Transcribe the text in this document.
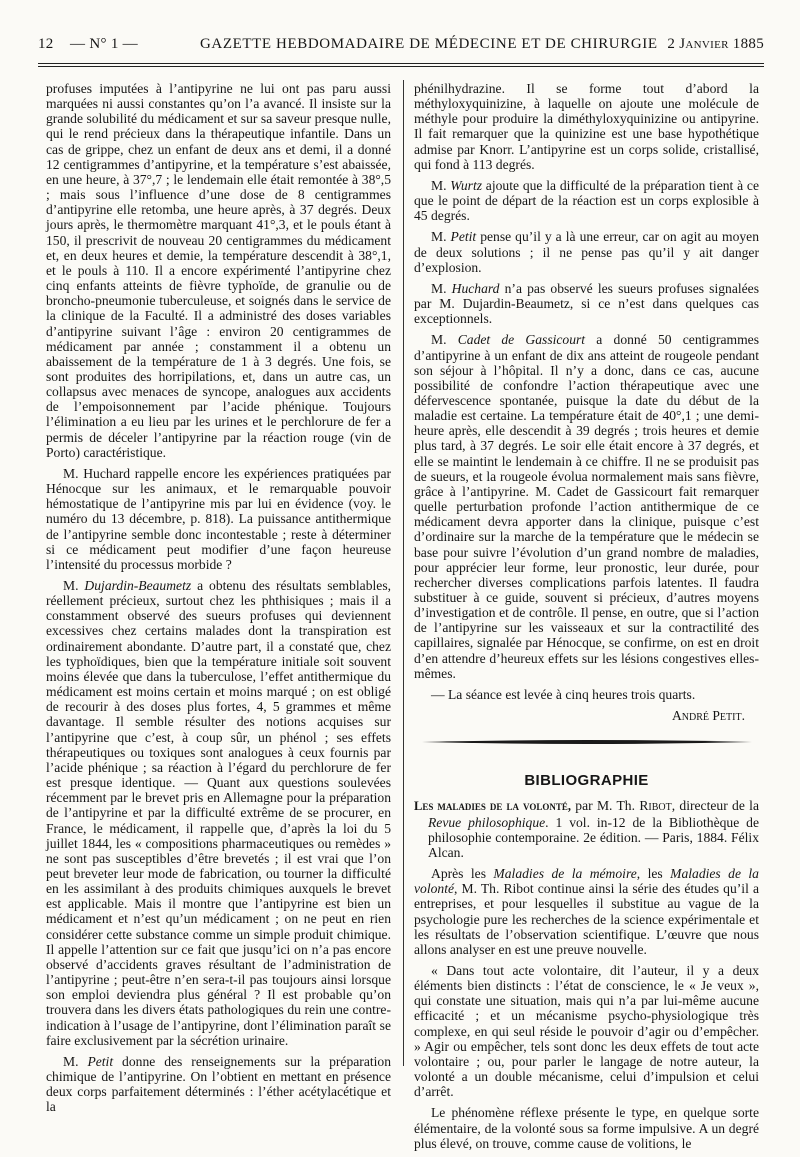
12 — N° 1 —	GAZETTE HEBDOMADAIRE DE MÉDECINE ET DE CHIRURGIE 2 Janvier 1885

profuses imputées à l’antipyrine ne lui ont pas paru aussi marquées ni aussi constantes qu’on l’a avancé. Il insiste sur la grande solubilité du médicament et sur sa saveur presque nulle, qui le rend précieux dans la thérapeutique infantile. Dans un cas de grippe, chez un enfant de deux ans et demi, il a donné 12 centigrammes d’antipyrine, et la température s’est abaissée, en une heure, à 37°,7 ; le lendemain elle était remontée à 38°,5 ; mais sous l’influence d’une dose de 8 centigrammes d’antipyrine elle retomba, une heure après, à 37 degrés. Deux jours après, le thermomètre marquant 41°,3, et le pouls étant à 150, il prescrivit de nouveau 20 centigrammes du médicament et, en deux heures et demie, la température descendit à 38°,1, et le pouls à 110. Il a encore expérimenté l’antipyrine chez cinq enfants atteints de fièvre typhoïde, de granulie ou de broncho-pneumonie tuberculeuse, et soignés dans le service de la clinique de la Faculté. Il a administré des doses variables d’antipyrine suivant l’âge : environ 20 centigrammes de médicament par année ; constamment il a obtenu un abaissement de la température de 1 à 3 degrés. Une fois, se sont produites des horripilations, et, dans un autre cas, un collapsus avec menaces de syncope, analogues aux accidents de l’empoisonnement par l’acide phénique. Toujours l’élimination a eu lieu par les urines et le perchlorure de fer a permis de déceler l’antipyrine par la réaction rouge (vin de Porto) caractéristique.

M. Huchard rappelle encore les expériences pratiquées par Hénocque sur les animaux, et le remarquable pouvoir hémostatique de l’antipyrine mis par lui en évidence (voy. le numéro du 13 décembre, p. 818). La puissance antithermique de l’antipyrine semble donc incontestable ; reste à déterminer si ce médicament peut modifier d’une façon heureuse l’intensité du processus morbide ?

M. Dujardin-Beaumetz a obtenu des résultats semblables, réellement précieux, surtout chez les phthisiques ; mais il a constamment observé des sueurs profuses qui deviennent excessives chez certains malades dont la transpiration est ordinairement abondante. D’autre part, il a constaté que, chez les typhoïdiques, bien que la température initiale soit souvent moins élevée que dans la tuberculose, l’effet antithermique du médicament est moins certain et moins marqué ; on est obligé de recourir à des doses plus fortes, 4, 5 grammes et même davantage. Il semble résulter des notions acquises sur l’antipyrine que c’est, à coup sûr, un phénol ; ses effets thérapeutiques ou toxiques sont analogues à ceux fournis par l’acide phénique ; sa réaction à l’égard du perchlorure de fer est presque identique. — Quant aux questions soulevées récemment par le brevet pris en Allemagne pour la préparation de l’antipyrine et par la difficulté extrême de se procurer, en France, le médicament, il rappelle que, d’après la loi du 5 juillet 1844, les « compositions pharmaceutiques ou remèdes » ne sont pas susceptibles d’être brevetés ; il est vrai que l’on peut breveter leur mode de fabrication, ou tourner la difficulté en les assimilant à des produits chimiques auxquels le brevet est applicable. Mais il montre que l’antipyrine est bien un médicament et n’est qu’un médicament ; on ne peut en rien considérer cette substance comme un simple produit chimique. Il appelle l’attention sur ce fait que jusqu’ici on n’a pas encore observé d’accidents graves résultant de l’administration de l’antipyrine ; peut-être n’en sera-t-il pas toujours ainsi lorsque son emploi deviendra plus général ? Il est probable qu’on trouvera dans les divers états pathologiques du rein une contre-indication à l’usage de l’antipyrine, dont l’élimination paraît se faire exclusivement par la sécrétion urinaire.

M. Petit donne des renseignements sur la préparation chimique de l’antipyrine. On l’obtient en mettant en présence deux corps parfaitement déterminés : l’éther acétylacétique et la

phénilhydrazine. Il se forme tout d’abord la méthyloxyquinizine, à laquelle on ajoute une molécule de méthyle pour produire la diméthyloxyquinizine ou antipyrine. Il fait remarquer que la quinizine est une base hypothétique admise par Knorr. L’antipyrine est un corps solide, cristallisé, qui fond à 113 degrés.

M. Wurtz ajoute que la difficulté de la préparation tient à ce que le point de départ de la réaction est un corps explosible à 45 degrés.

M. Petit pense qu’il y a là une erreur, car on agit au moyen de deux solutions ; il ne pense pas qu’il y ait danger d’explosion.

M. Huchard n’a pas observé les sueurs profuses signalées par M. Dujardin-Beaumetz, si ce n’est dans quelques cas exceptionnels.

M. Cadet de Gassicourt a donné 50 centigrammes d’antipyrine à un enfant de dix ans atteint de rougeole pendant son séjour à l’hôpital. Il n’y a donc, dans ce cas, aucune possibilité de confondre l’action thérapeutique avec une défervescence spontanée, puisque la date du début de la maladie est certaine. La température était de 40°,1 ; une demi-heure après, elle descendit à 39 degrés ; trois heures et demie plus tard, à 37 degrés. Le soir elle était encore à 37 degrés, et elle se maintint le lendemain à ce chiffre. Il ne se produisit pas de sueurs, et la rougeole évolua normalement mais sans fièvre, grâce à l’antipyrine. M. Cadet de Gassicourt fait remarquer quelle perturbation profonde l’action antithermique de ce médicament devra apporter dans la clinique, puisque c’est d’ordinaire sur la marche de la température que le médecin se base pour suivre l’évolution d’un grand nombre de maladies, pour apprécier leur forme, leur pronostic, leur durée, pour rechercher diverses complications parfois latentes. Il faudra substituer à ce guide, souvent si précieux, d’autres moyens d’investigation et de contrôle. Il pense, en outre, que si l’action de l’antipyrine sur les vaisseaux et sur la contractilité des capillaires, signalée par Hénocque, se confirme, on est en droit d’en attendre d’heureux effets sur les lésions congestives elles-mêmes.

— La séance est levée à cinq heures trois quarts.

André Petit.
BIBLIOGRAPHIE

Les maladies de la volonté, par M. Th. Ribot, directeur de la Revue philosophique. 1 vol. in-12 de la Bibliothèque de philosophie contemporaine. 2e édition. — Paris, 1884. Félix Alcan.

Après les Maladies de la mémoire, les Maladies de la volonté, M. Th. Ribot continue ainsi la série des études qu’il a entreprises, et pour lesquelles il substitue au vague de la psychologie pure les recherches de la science expérimentale et les résultats de l’observation scientifique. L’œuvre que nous allons analyser en est une preuve nouvelle.

« Dans tout acte volontaire, dit l’auteur, il y a deux éléments bien distincts : l’état de conscience, le « Je veux », qui constate une situation, mais qui n’a par lui-même aucune efficacité ; et un mécanisme psycho-physiologique très complexe, en qui seul réside le pouvoir d’agir ou d’empêcher. » Agir ou empêcher, tels sont donc les deux effets de tout acte volontaire ; ou, pour parler le langage de notre auteur, la volonté a un double mécanisme, celui d’impulsion et celui d’arrêt.

Le phénomène réflexe présente le type, en quelque sorte élémentaire, de la volonté sous sa forme impulsive. A un degré plus élevé, on trouve, comme cause de volitions, le
